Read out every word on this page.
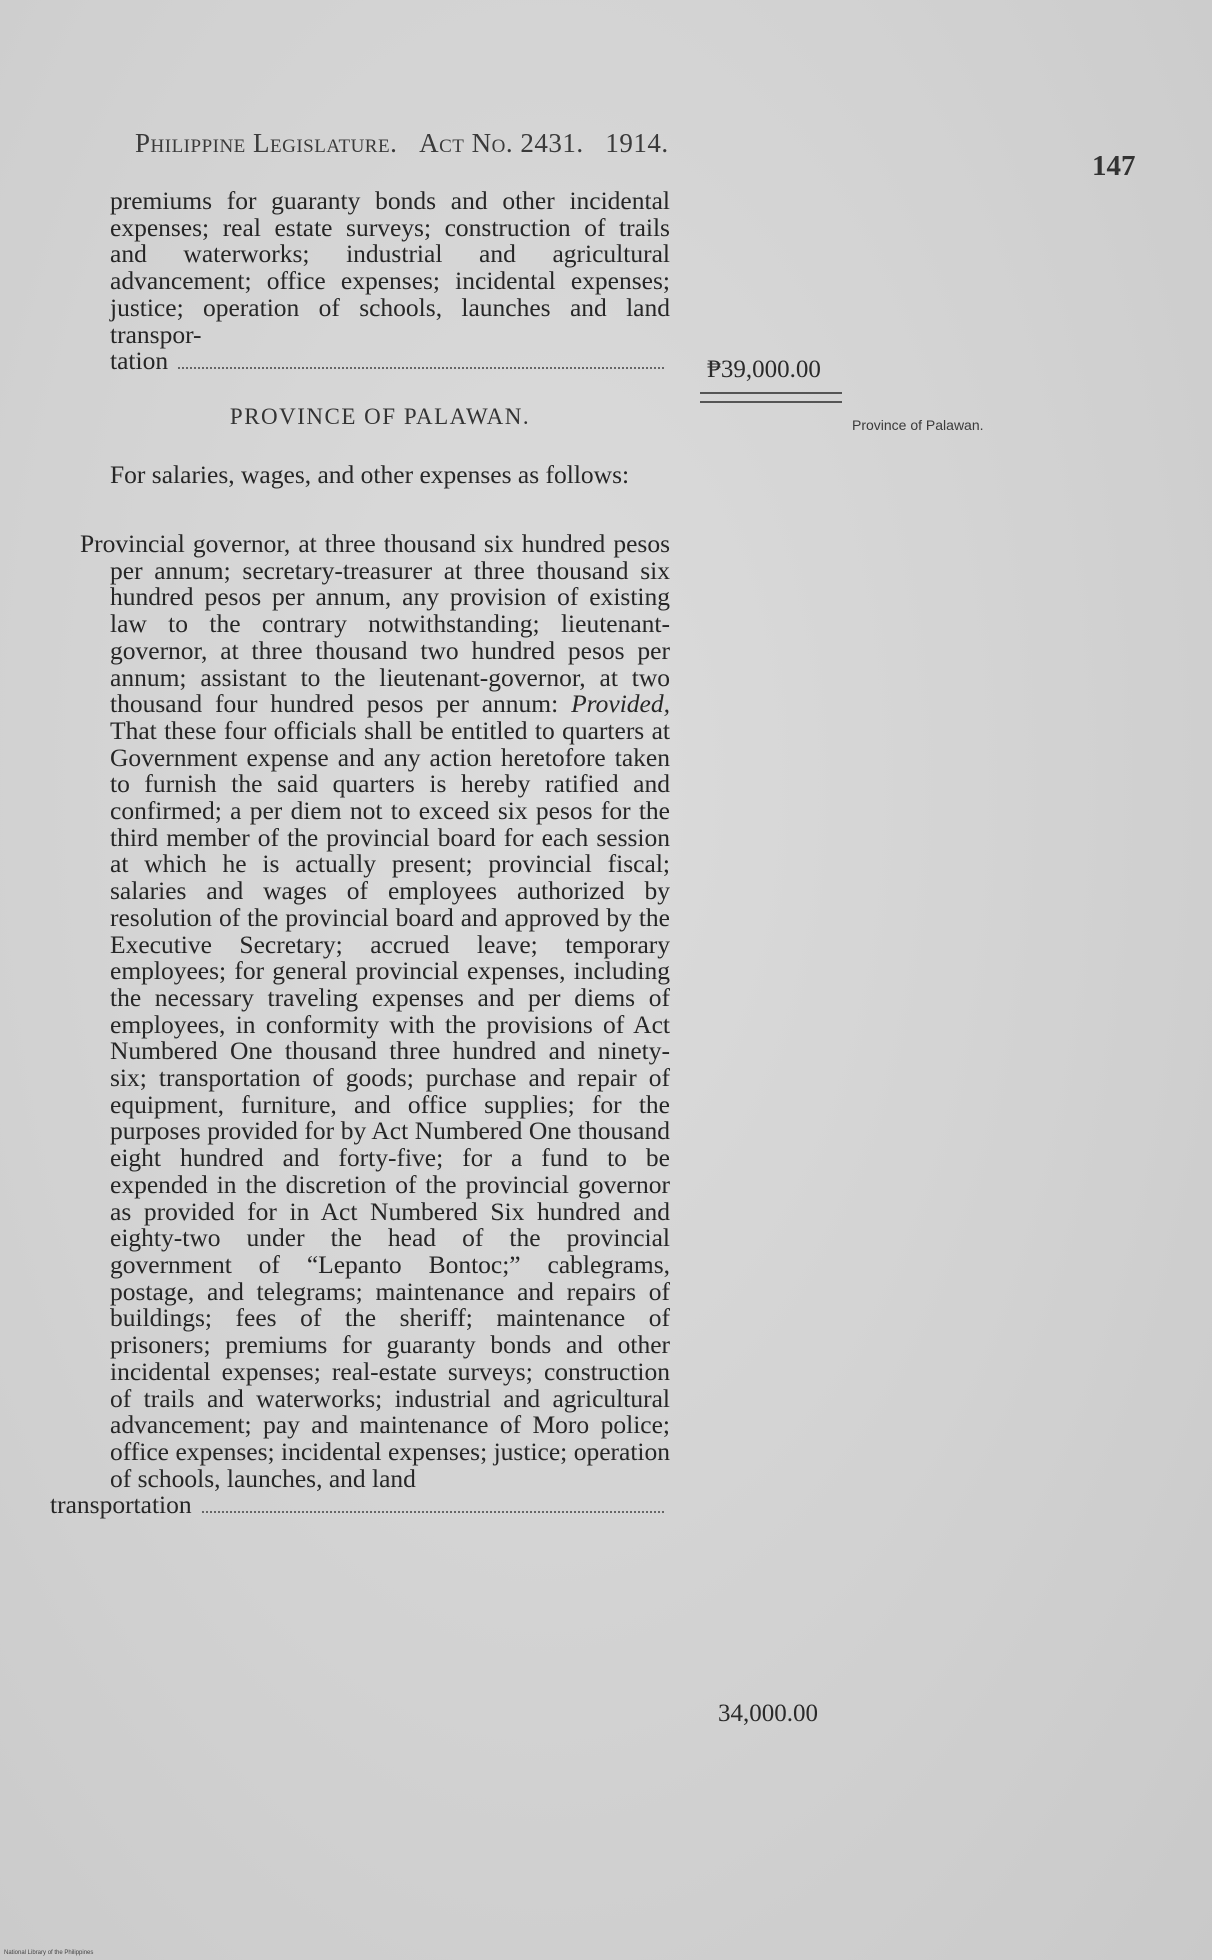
Philippine Legislature. Act No. 2431. 1914.
147

premiums for guaranty bonds and other incidental expenses; real estate surveys; construction of trails and waterworks; industrial and agricultural advancement; office expenses; incidental expenses; justice; operation of schools, launches and land transpor-

tation	₱39,000.00
PROVINCE OF PALAWAN.	Province of Palawan.

For salaries, wages, and other expenses as follows:

Provincial governor, at three thousand six hundred pesos per annum; secretary-treasurer at three thousand six hundred pesos per annum, any provision of existing law to the contrary notwithstanding; lieutenant-governor, at three thousand two hundred pesos per annum; assistant to the lieutenant-governor, at two thousand four hundred pesos per annum: Provided, That these four officials shall be entitled to quarters at Government expense and any action heretofore taken to furnish the said quarters is hereby ratified and confirmed; a per diem not to exceed six pesos for the third member of the provincial board for each session at which he is actually present; provincial fiscal; salaries and wages of employees authorized by resolution of the provincial board and approved by the Executive Secretary; accrued leave; temporary employees; for general provincial expenses, including the necessary traveling expenses and per diems of employees, in conformity with the provisions of Act Numbered One thousand three hundred and ninety-six; transportation of goods; purchase and repair of equipment, furniture, and office supplies; for the purposes provided for by Act Numbered One thousand eight hundred and forty-five; for a fund to be expended in the discretion of the provincial governor as provided for in Act Numbered Six hundred and eighty-two under the head of the provincial government of “Lepanto Bontoc;” cablegrams, postage, and telegrams; maintenance and repairs of buildings; fees of the sheriff; maintenance of prisoners; premiums for guaranty bonds and other incidental expenses; real-estate surveys; construction of trails and waterworks; industrial and agricultural advancement; pay and maintenance of Moro police; office expenses; incidental expenses; justice; operation of schools, launches, and land

transportation

34,000.00
National Library of the Philippines
